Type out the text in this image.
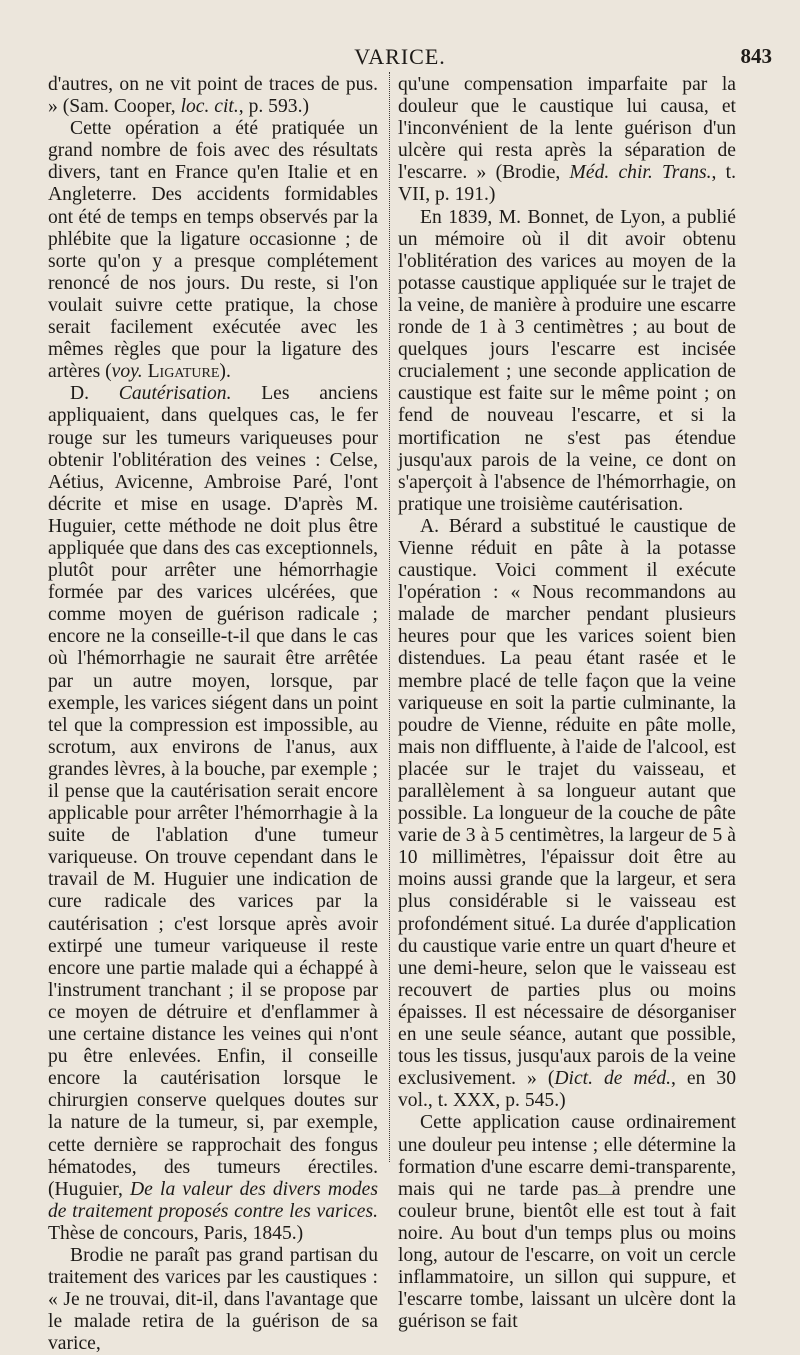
VARICE.	843

d'autres, on ne vit point de traces de pus. » (Sam. Cooper, loc. cit., p. 593.)

Cette opération a été pratiquée un grand nombre de fois avec des résultats divers, tant en France qu'en Italie et en Angleterre. Des accidents formidables ont été de temps en temps observés par la phlébite que la ligature occasionne ; de sorte qu'on y a presque complétement renoncé de nos jours. Du reste, si l'on voulait suivre cette pratique, la chose serait facilement exécutée avec les mêmes règles que pour la ligature des artères (voy. Ligature).

D. Cautérisation. Les anciens appliquaient, dans quelques cas, le fer rouge sur les tumeurs variqueuses pour obtenir l'oblitération des veines : Celse, Aétius, Avicenne, Ambroise Paré, l'ont décrite et mise en usage. D'après M. Huguier, cette méthode ne doit plus être appliquée que dans des cas exceptionnels, plutôt pour arrêter une hémorrhagie formée par des varices ulcérées, que comme moyen de guérison radicale ; encore ne la conseille-t-il que dans le cas où l'hémorrhagie ne saurait être arrêtée par un autre moyen, lorsque, par exemple, les varices siégent dans un point tel que la compression est impossible, au scrotum, aux environs de l'anus, aux grandes lèvres, à la bouche, par exemple ; il pense que la cautérisation serait encore applicable pour arrêter l'hémorrhagie à la suite de l'ablation d'une tumeur variqueuse. On trouve cependant dans le travail de M. Huguier une indication de cure radicale des varices par la cautérisation ; c'est lorsque après avoir extirpé une tumeur variqueuse il reste encore une partie malade qui a échappé à l'instrument tranchant ; il se propose par ce moyen de détruire et d'enflammer à une certaine distance les veines qui n'ont pu être enlevées. Enfin, il conseille encore la cautérisation lorsque le chirurgien conserve quelques doutes sur la nature de la tumeur, si, par exemple, cette dernière se rapprochait des fongus hématodes, des tumeurs érectiles. (Huguier, De la valeur des divers modes de traitement proposés contre les varices. Thèse de concours, Paris, 1845.)

Brodie ne paraît pas grand partisan du traitement des varices par les caustiques : « Je ne trouvai, dit-il, dans l'avantage que le malade retira de la guérison de sa varice,

qu'une compensation imparfaite par la douleur que le caustique lui causa, et l'inconvénient de la lente guérison d'un ulcère qui resta après la séparation de l'escarre. » (Brodie, Méd. chir. Trans., t. VII, p. 191.)

En 1839, M. Bonnet, de Lyon, a publié un mémoire où il dit avoir obtenu l'oblitération des varices au moyen de la potasse caustique appliquée sur le trajet de la veine, de manière à produire une escarre ronde de 1 à 3 centimètres ; au bout de quelques jours l'escarre est incisée crucialement ; une seconde application de caustique est faite sur le même point ; on fend de nouveau l'escarre, et si la mortification ne s'est pas étendue jusqu'aux parois de la veine, ce dont on s'aperçoit à l'absence de l'hémorrhagie, on pratique une troisième cautérisation.

A. Bérard a substitué le caustique de Vienne réduit en pâte à la potasse caustique. Voici comment il exécute l'opération : « Nous recommandons au malade de marcher pendant plusieurs heures pour que les varices soient bien distendues. La peau étant rasée et le membre placé de telle façon que la veine variqueuse en soit la partie culminante, la poudre de Vienne, réduite en pâte molle, mais non diffluente, à l'aide de l'alcool, est placée sur le trajet du vaisseau, et parallèlement à sa longueur autant que possible. La longueur de la couche de pâte varie de 3 à 5 centimètres, la largeur de 5 à 10 millimètres, l'épaissur doit être au moins aussi grande que la largeur, et sera plus considérable si le vaisseau est profondément situé. La durée d'application du caustique varie entre un quart d'heure et une demi-heure, selon que le vaisseau est recouvert de parties plus ou moins épaisses. Il est nécessaire de désorganiser en une seule séance, autant que possible, tous les tissus, jusqu'aux parois de la veine exclusivement. » (Dict. de méd., en 30 vol., t. XXX, p. 545.)

Cette application cause ordinairement une douleur peu intense ; elle détermine la formation d'une escarre demi-transparente, mais qui ne tarde pas à prendre une couleur brune, bientôt elle est tout à fait noire. Au bout d'un temps plus ou moins long, autour de l'escarre, on voit un cercle inflammatoire, un sillon qui suppure, et l'escarre tombe, laissant un ulcère dont la guérison se fait
